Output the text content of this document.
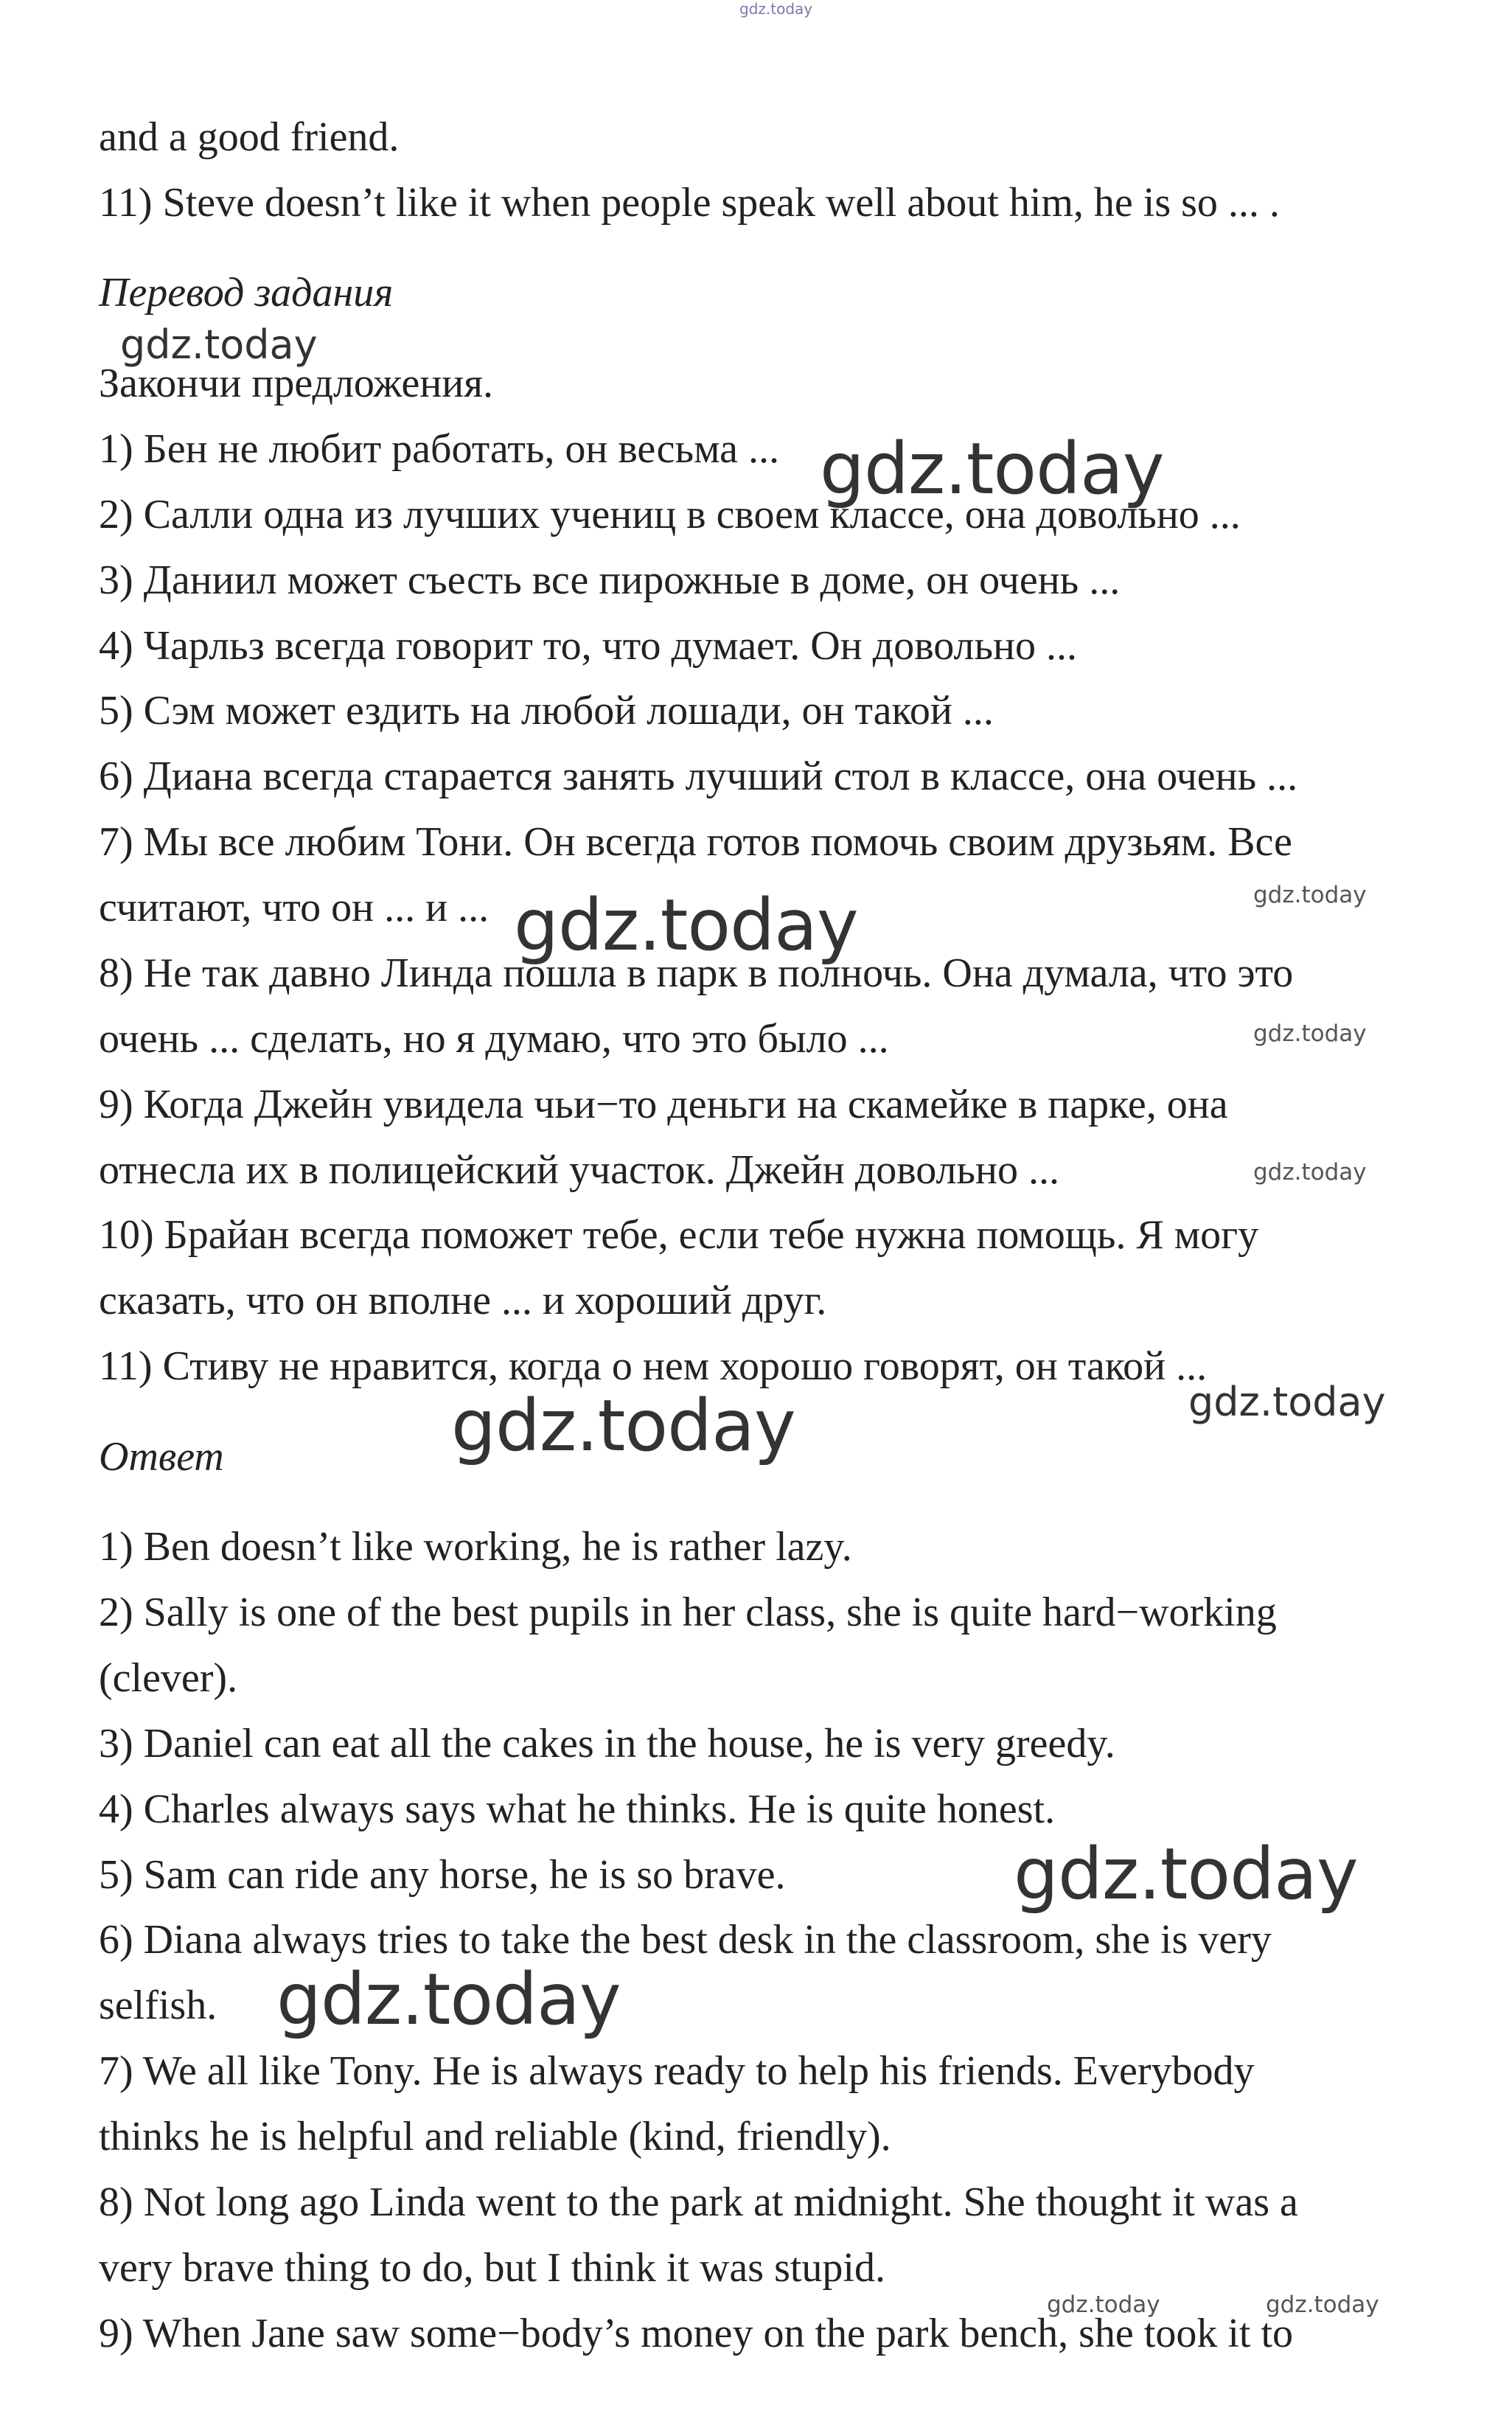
gdz.today

and a good friend.

11) Steve doesn’t like it when people speak well about him, he is so ... .

Перевод задания

Закончи предложения.

1) Бен не любит работать, он весьма ...

2) Салли одна из лучших учениц в своем классе, она довольно ...

3) Даниил может съесть все пирожные в доме, он очень ...

4) Чарльз всегда говорит то, что думает. Он довольно ...

5) Сэм может ездить на любой лошади, он такой ...

6) Диана всегда старается занять лучший стол в классе, она очень ...

7) Мы все любим Тони. Он всегда готов помочь своим друзьям. Все

считают, что он ... и ...

8) Не так давно Линда пошла в парк в полночь. Она думала, что это

очень ... сделать, но я думаю, что это было ...

9) Когда Джейн увидела чьи−то деньги на скамейке в парке, она

отнесла их в полицейский участок. Джейн довольно ...

10) Брайан всегда поможет тебе, если тебе нужна помощь. Я могу

сказать, что он вполне ... и хороший друг.

11) Стиву не нравится, когда о нем хорошо говорят, он такой ...

Ответ

1) Ben doesn’t like working, he is rather lazy.

2) Sally is one of the best pupils in her class, she is quite hard−working

(clever).

3) Daniel can eat all the cakes in the house, he is very greedy.

4) Charles always says what he thinks. He is quite honest.

5) Sam can ride any horse, he is so brave.

6) Diana always tries to take the best desk in the classroom, she is very

selfish.

7) We all like Tony. He is always ready to help his friends. Everybody

thinks he is helpful and reliable (kind, friendly).

8) Not long ago Linda went to the park at midnight. She thought it was a

very brave thing to do, but I think it was stupid.

9) When Jane saw some−body’s money on the park bench, she took it to

gdz.today
gdz.today
gdz.today
gdz.today
gdz.today
gdz.today
gdz.today
gdz.today
gdz.today
gdz.today
gdz.today	gdz.today
